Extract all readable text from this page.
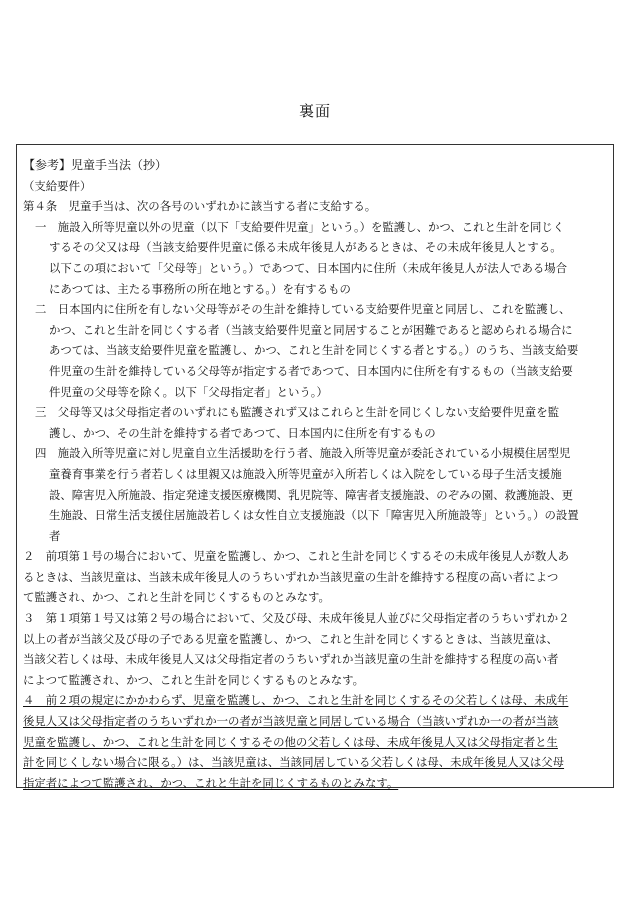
裏面
【参考】児童手当法（抄）
（支給要件）
第４条　児童手当は、次の各号のいずれかに該当する者に支給する。
一　施設入所等児童以外の児童（以下「支給要件児童」という。）を監護し、かつ、これと生計を同じく
するその父又は母（当該支給要件児童に係る未成年後見人があるときは、その未成年後見人とする。
以下この項において「父母等」という。）であつて、日本国内に住所（未成年後見人が法人である場合
にあつては、主たる事務所の所在地とする。）を有するもの
二　日本国内に住所を有しない父母等がその生計を維持している支給要件児童と同居し、これを監護し、
かつ、これと生計を同じくする者（当該支給要件児童と同居することが困難であると認められる場合に
あつては、当該支給要件児童を監護し、かつ、これと生計を同じくする者とする。）のうち、当該支給要
件児童の生計を維持している父母等が指定する者であつて、日本国内に住所を有するもの（当該支給要
件児童の父母等を除く。以下「父母指定者」という。）
三　父母等又は父母指定者のいずれにも監護されず又はこれらと生計を同じくしない支給要件児童を監
護し、かつ、その生計を維持する者であつて、日本国内に住所を有するもの
四　施設入所等児童に対し児童自立生活援助を行う者、施設入所等児童が委託されている小規模住居型児
童養育事業を行う者若しくは里親又は施設入所等児童が入所若しくは入院をしている母子生活支援施
設、障害児入所施設、指定発達支援医療機関、乳児院等、障害者支援施設、のぞみの園、救護施設、更
生施設、日常生活支援住居施設若しくは女性自立支援施設（以下「障害児入所施設等」という。）の設置
者
２　前項第１号の場合において、児童を監護し、かつ、これと生計を同じくするその未成年後見人が数人あ
るときは、当該児童は、当該未成年後見人のうちいずれか当該児童の生計を維持する程度の高い者によつ
て監護され、かつ、これと生計を同じくするものとみなす。
３　第１項第１号又は第２号の場合において、父及び母、未成年後見人並びに父母指定者のうちいずれか２
以上の者が当該父及び母の子である児童を監護し、かつ、これと生計を同じくするときは、当該児童は、
当該父若しくは母、未成年後見人又は父母指定者のうちいずれか当該児童の生計を維持する程度の高い者
によつて監護され、かつ、これと生計を同じくするものとみなす。
４　前２項の規定にかかわらず、児童を監護し、かつ、これと生計を同じくするその父若しくは母、未成年
後見人又は父母指定者のうちいずれか一の者が当該児童と同居している場合（当該いずれか一の者が当該
児童を監護し、かつ、これと生計を同じくするその他の父若しくは母、未成年後見人又は父母指定者と生
計を同じくしない場合に限る。）は、当該児童は、当該同居している父若しくは母、未成年後見人又は父母
指定者によつて監護され、かつ、これと生計を同じくするものとみなす。
